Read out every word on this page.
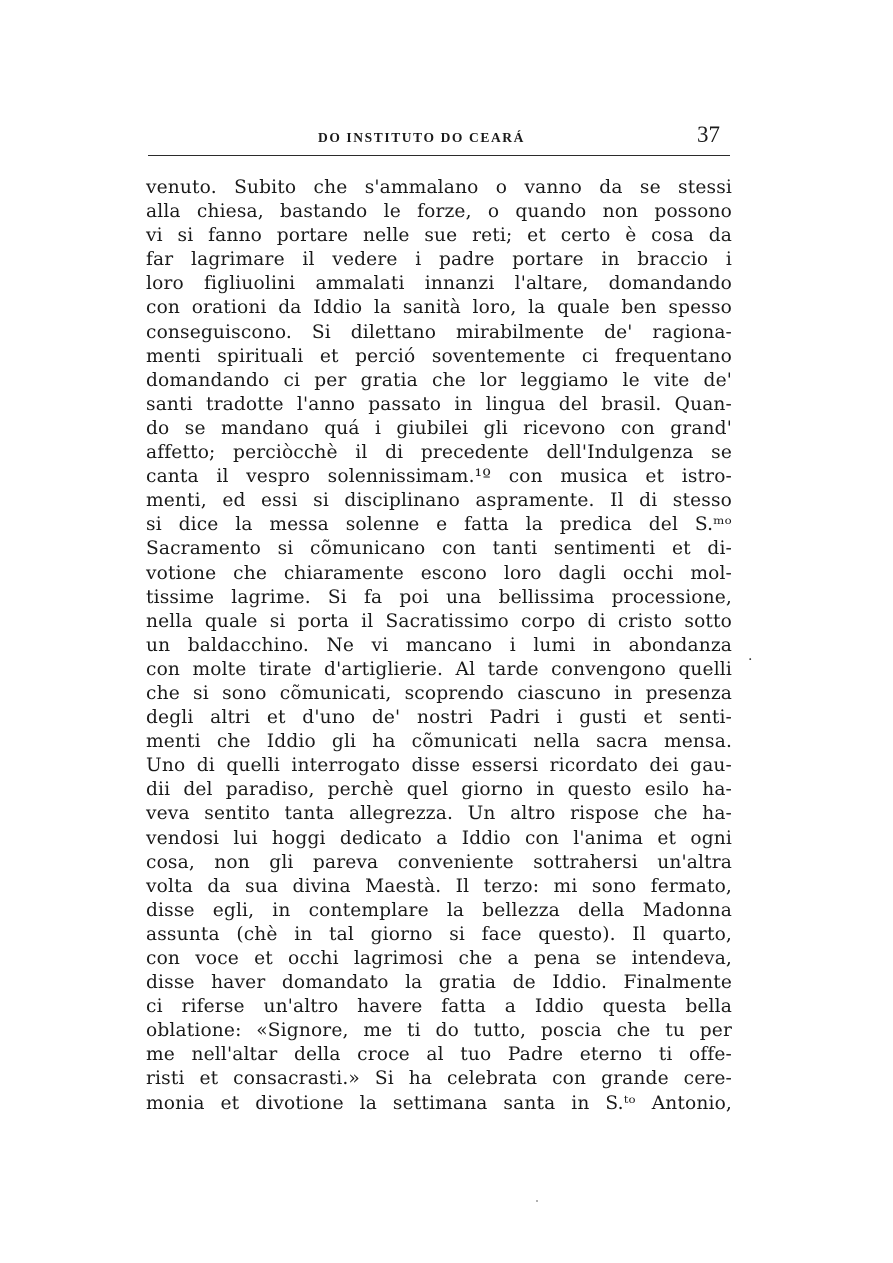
DO INSTITUTO DO CEARÁ	37
venuto. Subito che s'ammalano o vanno da se stessi
alla chiesa, bastando le forze, o quando non possono
vi si fanno portare nelle sue reti; et certo è cosa da
far lagrimare il vedere i padre portare in braccio i
loro figliuolini ammalati innanzi l'altare, domandando
con orationi da Iddio la sanità loro, la quale ben spesso
conseguiscono. Si dilettano mirabilmente de' ragiona-
menti spirituali et perció soventemente ci frequentano
domandando ci per gratia che lor leggiamo le vite de'
santi tradotte l'anno passato in lingua del brasil. Quan-
do se mandano quá i giubilei gli ricevono con grand'
affetto; perciòcchè il di precedente dell'Indulgenza se
canta il vespro solennissimam.¹º con musica et istro-
menti, ed essi si disciplinano aspramente. Il di stesso
si dice la messa solenne e fatta la predica del S.ᵐᵒ
Sacramento si cõmunicano con tanti sentimenti et di-
votione che chiaramente escono loro dagli occhi mol-
tissime lagrime. Si fa poi una bellissima processione,
nella quale si porta il Sacratissimo corpo di cristo sotto
un baldacchino. Ne vi mancano i lumi in abondanza
con molte tirate d'artiglierie. Al tarde convengono quelli
che si sono cõmunicati, scoprendo ciascuno in presenza
degli altri et d'uno de' nostri Padri i gusti et senti-
menti che Iddio gli ha cõmunicati nella sacra mensa.
Uno di quelli interrogato disse essersi ricordato dei gau-
dii del paradiso, perchè quel giorno in questo esilo ha-
veva sentito tanta allegrezza. Un altro rispose che ha-
vendosi lui hoggi dedicato a Iddio con l'anima et ogni
cosa, non gli pareva conveniente sottrahersi un'altra
volta da sua divina Maestà. Il terzo: mi sono fermato,
disse egli, in contemplare la bellezza della Madonna
assunta (chè in tal giorno si face questo). Il quarto,
con voce et occhi lagrimosi che a pena se intendeva,
disse haver domandato la gratia de Iddio. Finalmente
ci riferse un'altro havere fatta a Iddio questa bella
oblatione: «Signore, me ti do tutto, poscia che tu per
me nell'altar della croce al tuo Padre eterno ti offe-
risti et consacrasti.» Si ha celebrata con grande cere-
monia et divotione la settimana santa in S.ᵗᵒ Antonio,
.
